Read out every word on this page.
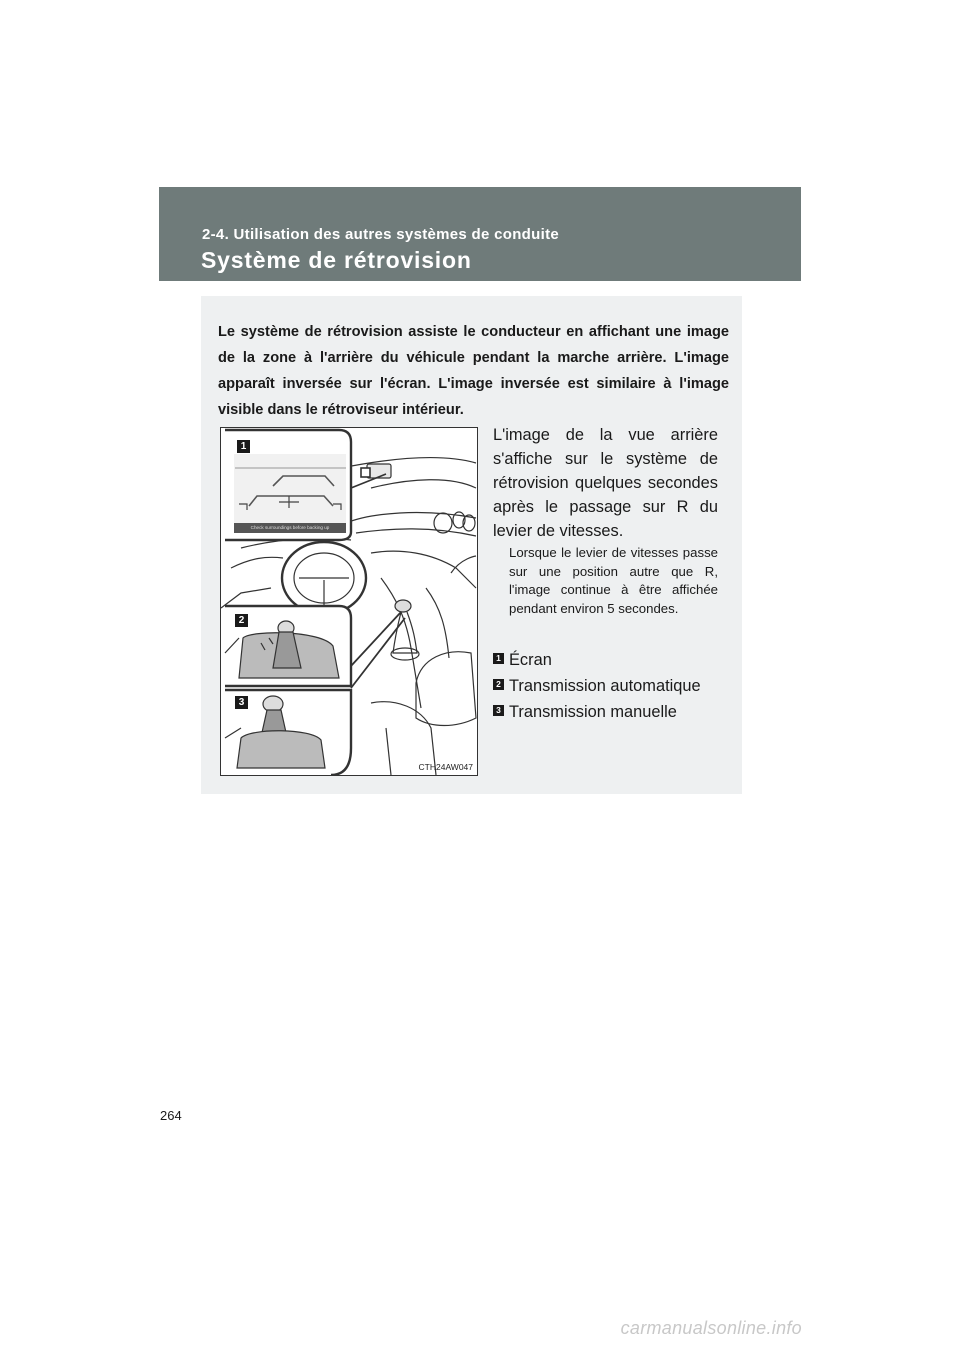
2-4. Utilisation des autres systèmes de conduite
Système de rétrovision

Le système de rétrovision assiste le conducteur en affichant une image de la zone à l'arrière du véhicule pendant la marche arrière. L'image apparaît inversée sur l'écran. L'image inversée est similaire à l'image visible dans le rétroviseur intérieur.

Check surroundings before backing up
1
2
3
CTH24AW047

L'image de la vue arrière s'affiche sur le système de rétrovision quelques secondes après le passage sur R du levier de vitesses.

Lorsque le levier de vitesses passe sur une position autre que R, l'image continue à être affichée pendant environ 5 secondes.

1 Écran
2 Transmission automatique
3 Transmission manuelle
264
carmanualsonline.info
